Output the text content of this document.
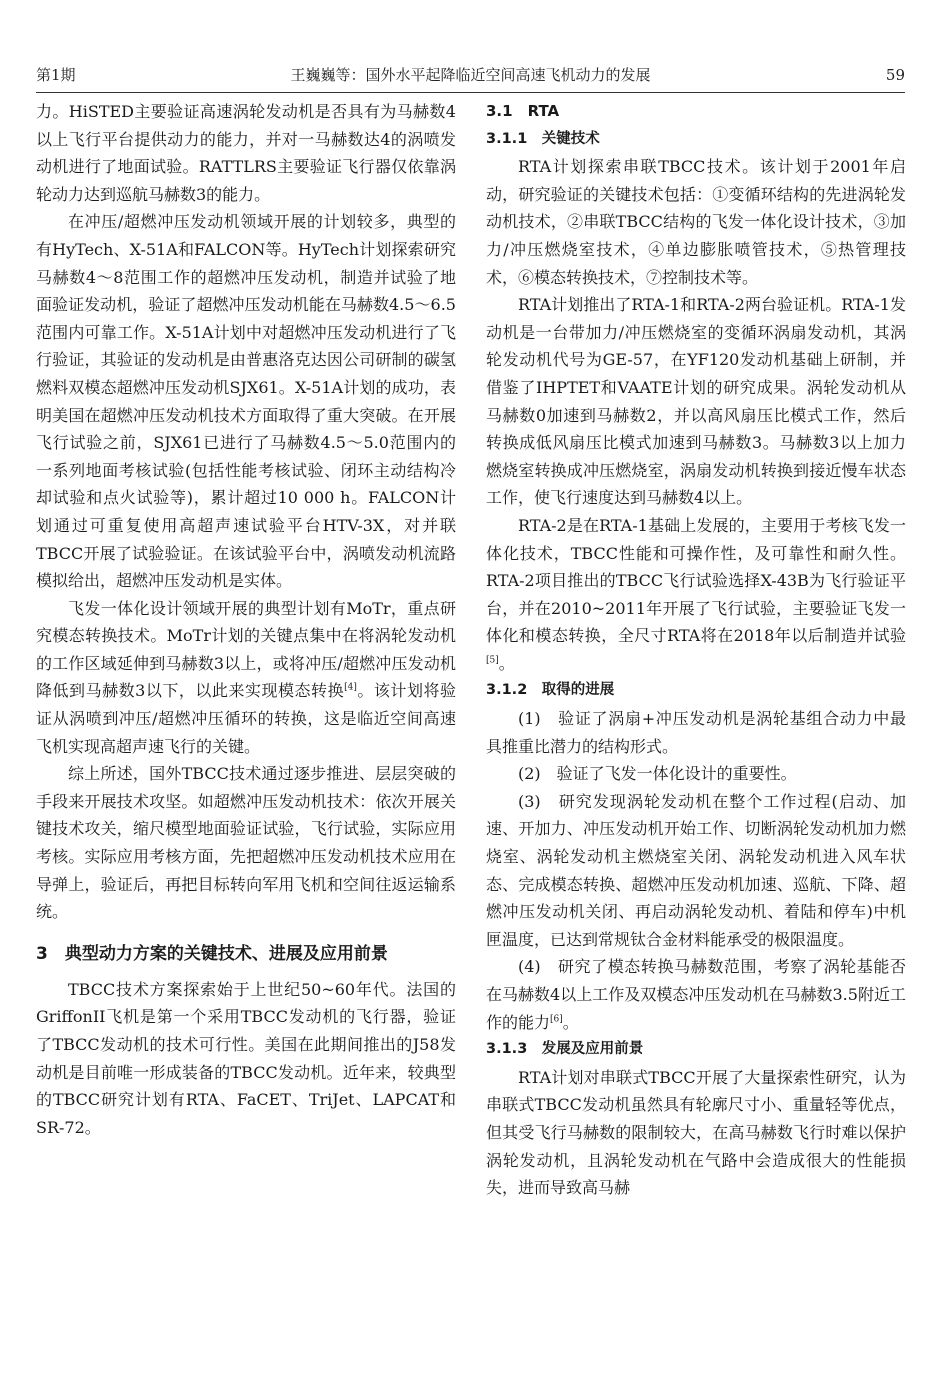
第1期	王巍巍等：国外水平起降临近空间高速飞机动力的发展	59

力。HiSTED主要验证高速涡轮发动机是否具有为马赫数4以上飞行平台提供动力的能力，并对一马赫数达4的涡喷发动机进行了地面试验。RATTLRS主要验证飞行器仅依靠涡轮动力达到巡航马赫数3的能力。

在冲压/超燃冲压发动机领域开展的计划较多，典型的有HyTech、X-51A和FALCON等。HyTech计划探索研究马赫数4～8范围工作的超燃冲压发动机，制造并试验了地面验证发动机，验证了超燃冲压发动机能在马赫数4.5～6.5范围内可靠工作。X-51A计划中对超燃冲压发动机进行了飞行验证，其验证的发动机是由普惠洛克达因公司研制的碳氢燃料双模态超燃冲压发动机SJX61。X-51A计划的成功，表明美国在超燃冲压发动机技术方面取得了重大突破。在开展飞行试验之前，SJX61已进行了马赫数4.5～5.0范围内的一系列地面考核试验(包括性能考核试验、闭环主动结构冷却试验和点火试验等)，累计超过10 000 h。FALCON计划通过可重复使用高超声速试验平台HTV-3X，对并联TBCC开展了试验验证。在该试验平台中，涡喷发动机流路模拟给出，超燃冲压发动机是实体。

飞发一体化设计领域开展的典型计划有MoTr，重点研究模态转换技术。MoTr计划的关键点集中在将涡轮发动机的工作区域延伸到马赫数3以上，或将冲压/超燃冲压发动机降低到马赫数3以下，以此来实现模态转换[4]。该计划将验证从涡喷到冲压/超燃冲压循环的转换，这是临近空间高速飞机实现高超声速飞行的关键。

综上所述，国外TBCC技术通过逐步推进、层层突破的手段来开展技术攻坚。如超燃冲压发动机技术：依次开展关键技术攻关，缩尺模型地面验证试验，飞行试验，实际应用考核。实际应用考核方面，先把超燃冲压发动机技术应用在导弹上，验证后，再把目标转向军用飞机和空间往返运输系统。

3　典型动力方案的关键技术、进展及应用前景

TBCC技术方案探索始于上世纪50~60年代。法国的GriffonII飞机是第一个采用TBCC发动机的飞行器，验证了TBCC发动机的技术可行性。美国在此期间推出的J58发动机是目前唯一形成装备的TBCC发动机。近年来，较典型的TBCC研究计划有RTA、FaCET、TriJet、LAPCAT和SR-72。

3.1　RTA
3.1.1　关键技术

RTA计划探索串联TBCC技术。该计划于2001年启动，研究验证的关键技术包括：①变循环结构的先进涡轮发动机技术，②串联TBCC结构的飞发一体化设计技术，③加力/冲压燃烧室技术，④单边膨胀喷管技术，⑤热管理技术，⑥模态转换技术，⑦控制技术等。

RTA计划推出了RTA-1和RTA-2两台验证机。RTA-1发动机是一台带加力/冲压燃烧室的变循环涡扇发动机，其涡轮发动机代号为GE-57，在YF120发动机基础上研制，并借鉴了IHPTET和VAATE计划的研究成果。涡轮发动机从马赫数0加速到马赫数2，并以高风扇压比模式工作，然后转换成低风扇压比模式加速到马赫数3。马赫数3以上加力燃烧室转换成冲压燃烧室，涡扇发动机转换到接近慢车状态工作，使飞行速度达到马赫数4以上。

RTA-2是在RTA-1基础上发展的，主要用于考核飞发一体化技术，TBCC性能和可操作性，及可靠性和耐久性。RTA-2项目推出的TBCC飞行试验选择X-43B为飞行验证平台，并在2010~2011年开展了飞行试验，主要验证飞发一体化和模态转换，全尺寸RTA将在2018年以后制造并试验[5]。

3.1.2　取得的进展

(1)　验证了涡扇+冲压发动机是涡轮基组合动力中最具推重比潜力的结构形式。

(2)　验证了飞发一体化设计的重要性。

(3)　研究发现涡轮发动机在整个工作过程(启动、加速、开加力、冲压发动机开始工作、切断涡轮发动机加力燃烧室、涡轮发动机主燃烧室关闭、涡轮发动机进入风车状态、完成模态转换、超燃冲压发动机加速、巡航、下降、超燃冲压发动机关闭、再启动涡轮发动机、着陆和停车)中机匣温度，已达到常规钛合金材料能承受的极限温度。

(4)　研究了模态转换马赫数范围，考察了涡轮基能否在马赫数4以上工作及双模态冲压发动机在马赫数3.5附近工作的能力[6]。

3.1.3　发展及应用前景

RTA计划对串联式TBCC开展了大量探索性研究，认为串联式TBCC发动机虽然具有轮廓尺寸小、重量轻等优点，但其受飞行马赫数的限制较大，在高马赫数飞行时难以保护涡轮发动机，且涡轮发动机在气路中会造成很大的性能损失，进而导致高马赫
